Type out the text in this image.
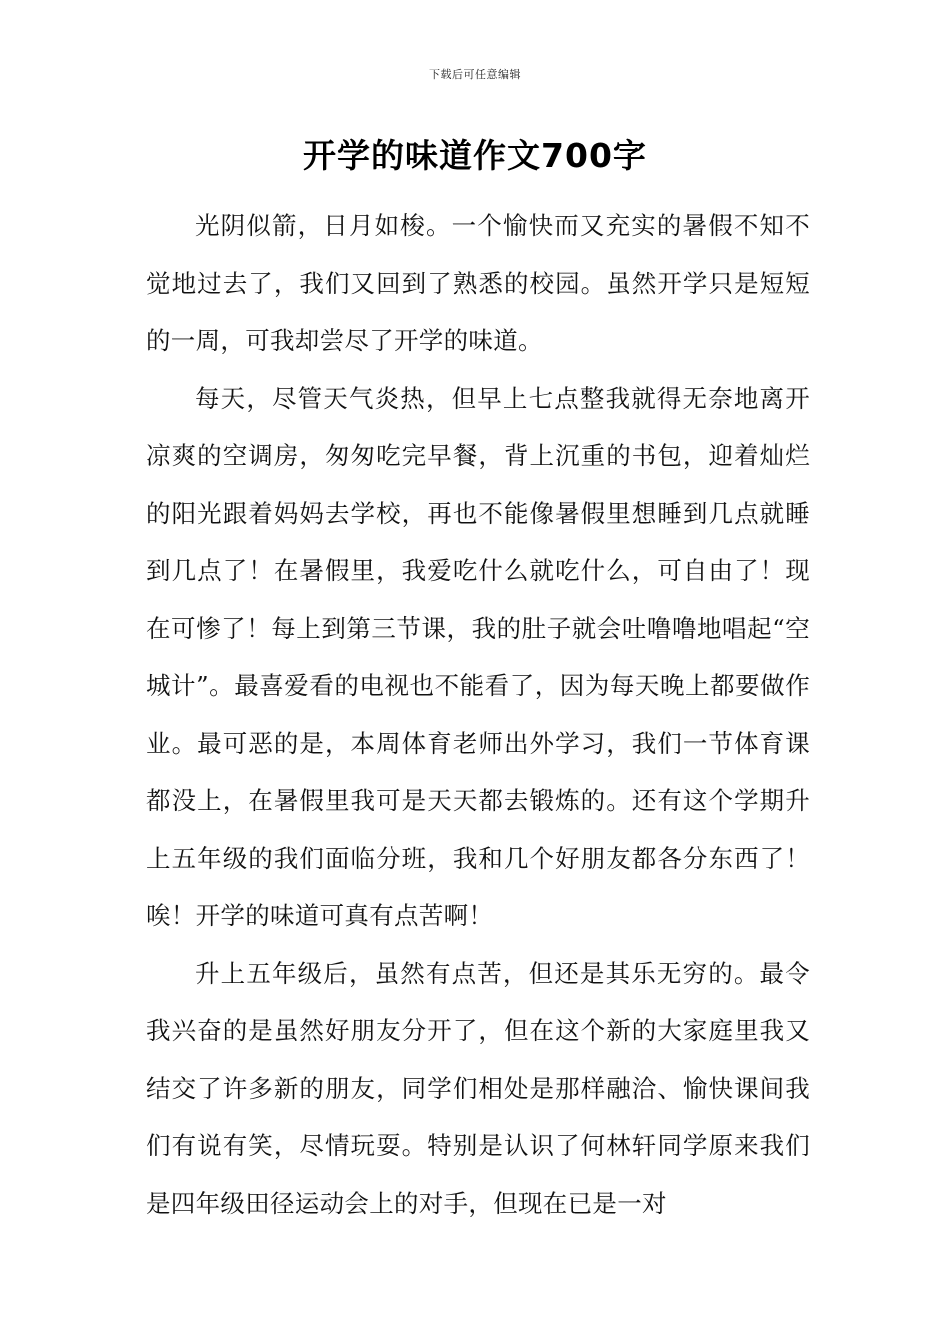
下载后可任意编辑
开学的味道作文700字

光阴似箭，日月如梭。一个愉快而又充实的暑假不知不觉地过去了，我们又回到了熟悉的校园。虽然开学只是短短的一周，可我却尝尽了开学的味道。

每天，尽管天气炎热，但早上七点整我就得无奈地离开凉爽的空调房，匆匆吃完早餐，背上沉重的书包，迎着灿烂的阳光跟着妈妈去学校，再也不能像暑假里想睡到几点就睡到几点了！在暑假里，我爱吃什么就吃什么，可自由了！现在可惨了！每上到第三节课，我的肚子就会吐噜噜地唱起“空城计”。最喜爱看的电视也不能看了，因为每天晚上都要做作业。最可恶的是，本周体育老师出外学习，我们一节体育课都没上，在暑假里我可是天天都去锻炼的。还有这个学期升上五年级的我们面临分班，我和几个好朋友都各分东西了！唉！开学的味道可真有点苦啊！

升上五年级后，虽然有点苦，但还是其乐无穷的。最令我兴奋的是虽然好朋友分开了，但在这个新的大家庭里我又结交了许多新的朋友，同学们相处是那样融洽、愉快课间我们有说有笑，尽情玩耍。特别是认识了何林轩同学原来我们是四年级田径运动会上的对手，但现在已是一对
